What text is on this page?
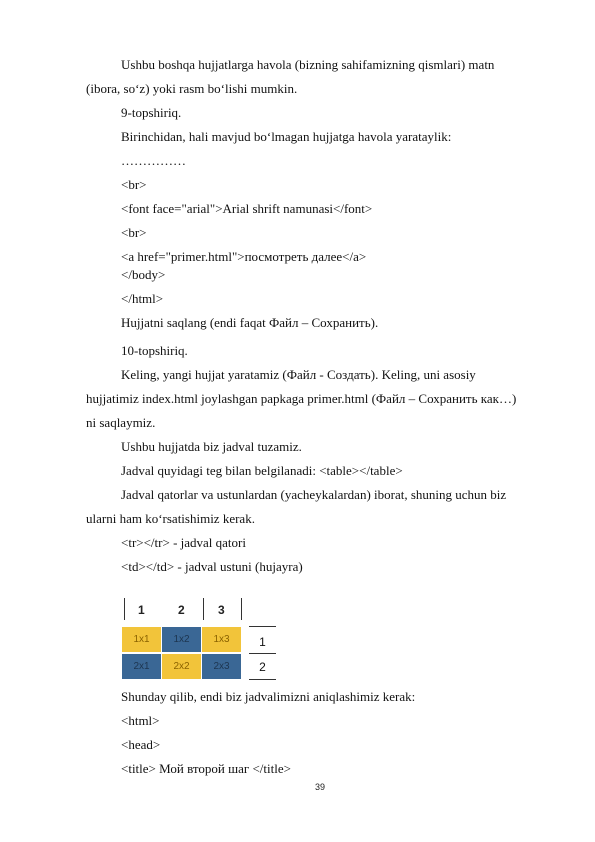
Ushbu boshqa hujjatlarga havola (bizning sahifamizning qismlari) matn
(ibora, so‘z) yoki rasm bo‘lishi mumkin.
9-topshiriq.
Birinchidan, hali mavjud bo‘lmagan hujjatga havola yarataylik:
……………
<br>
<font face="arial">Arial shrift namunasi</font>
<br>
<a href="primer.html">посмотреть далее</a>
</body>
</html>
Hujjatni saqlang (endi faqat Файл – Сохранить).
10-topshiriq.
Keling, yangi hujjat yaratamiz (Файл - Создать). Keling, uni asosiy
hujjatimiz index.html joylashgan papkaga primer.html (Файл – Сохранить как…)
ni saqlaymiz.
Ushbu hujjatda biz jadval tuzamiz.
Jadval quyidagi teg bilan belgilanadi: <table></table>
Jadval qatorlar va ustunlardan (yacheykalardan) iborat, shuning uchun biz
ularni ham ko‘rsatishimiz kerak.
<tr></tr> - jadval qatori
<td></td> - jadval ustuni (hujayra)
1	2	3
1x1	1x2	1x3
2x1	2x2	2x3
1
2
Shunday qilib, endi biz jadvalimizni aniqlashimiz kerak:
<html>
<head>
<title> Мой второй шаг </title>
39
